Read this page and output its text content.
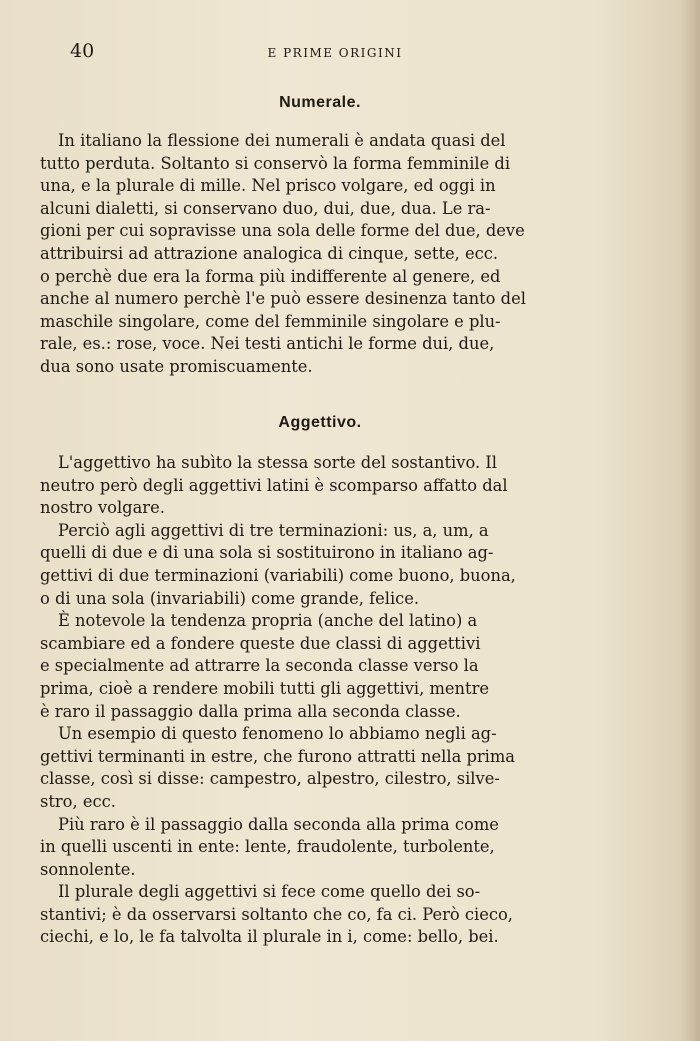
40	E PRIME ORIGINI
Numerale.

In italiano la flessione dei numerali è andata quasi del
tutto perduta. Soltanto si conservò la forma femminile di
una, e la plurale di mille. Nel prisco volgare, ed oggi in
alcuni dialetti, si conservano duo, dui, due, dua. Le ra-
gioni per cui sopravisse una sola delle forme del due, deve
attribuirsi ad attrazione analogica di cinque, sette, ecc.
o perchè due era la forma più indifferente al genere, ed
anche al numero perchè l'e può essere desinenza tanto del
maschile singolare, come del femminile singolare e plu-
rale, es.: rose, voce. Nei testi antichi le forme dui, due,
dua sono usate promiscuamente.

Aggettivo.

L'aggettivo ha subìto la stessa sorte del sostantivo. Il
neutro però degli aggettivi latini è scomparso affatto dal
nostro volgare.

Perciò agli aggettivi di tre terminazioni: us, a, um, a
quelli di due e di una sola si sostituirono in italiano ag-
gettivi di due terminazioni (variabili) come buono, buona,
o di una sola (invariabili) come grande, felice.

È notevole la tendenza propria (anche del latino) a
scambiare ed a fondere queste due classi di aggettivi
e specialmente ad attrarre la seconda classe verso la
prima, cioè a rendere mobili tutti gli aggettivi, mentre
è raro il passaggio dalla prima alla seconda classe.

Un esempio di questo fenomeno lo abbiamo negli ag-
gettivi terminanti in estre, che furono attratti nella prima
classe, così si disse: campestro, alpestro, cilestro, silve-
stro, ecc.

Più raro è il passaggio dalla seconda alla prima come
in quelli uscenti in ente: lente, fraudolente, turbolente,
sonnolente.

Il plurale degli aggettivi si fece come quello dei so-
stantivi; è da osservarsi soltanto che co, fa ci. Però cieco,
ciechi, e lo, le fa talvolta il plurale in i, come: bello, bei.
